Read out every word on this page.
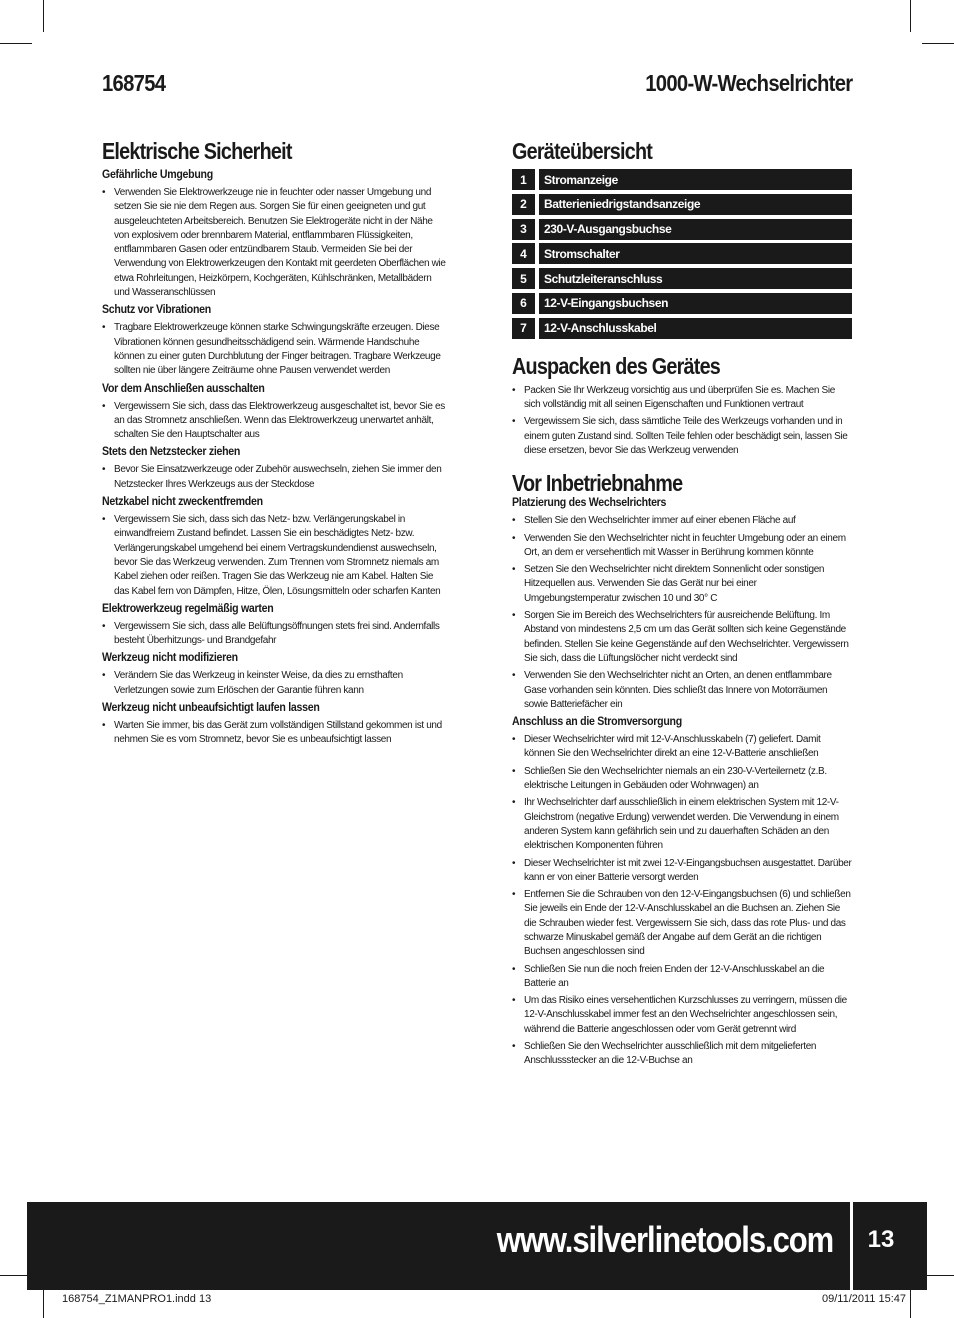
168754	1000-W-Wechselrichter
Elektrische Sicherheit
Gefährliche Umgebung
• Verwenden Sie Elektrowerkzeuge nie in feuchter oder nasser Umgebung und setzen Sie sie nie dem Regen aus. Sorgen Sie für einen geeigneten und gut ausgeleuchteten Arbeitsbereich. Benutzen Sie Elektrogeräte nicht in der Nähe von explosivem oder brennbarem Material, entflammbaren Flüssigkeiten, entflammbaren Gasen oder entzündbarem Staub. Vermeiden Sie bei der Verwendung von Elektrowerkzeugen den Kontakt mit geerdeten Oberflächen wie etwa Rohrleitungen, Heizkörpern, Kochgeräten, Kühlschränken, Metallbädern und Wasseranschlüssen
Schutz vor Vibrationen
• Tragbare Elektrowerkzeuge können starke Schwingungskräfte erzeugen. Diese Vibrationen können gesundheitsschädigend sein. Wärmende Handschuhe können zu einer guten Durchblutung der Finger beitragen. Tragbare Werkzeuge sollten nie über längere Zeiträume ohne Pausen verwendet werden
Vor dem Anschließen ausschalten
• Vergewissern Sie sich, dass das Elektrowerkzeug ausgeschaltet ist, bevor Sie es an das Stromnetz anschließen. Wenn das Elektrowerkzeug unerwartet anhält, schalten Sie den Hauptschalter aus
Stets den Netzstecker ziehen
• Bevor Sie Einsatzwerkzeuge oder Zubehör auswechseln, ziehen Sie immer den Netzstecker Ihres Werkzeugs aus der Steckdose
Netzkabel nicht zweckentfremden
• Vergewissern Sie sich, dass sich das Netz- bzw. Verlängerungskabel in einwandfreiem Zustand befindet. Lassen Sie ein beschädigtes Netz- bzw. Verlängerungskabel umgehend bei einem Vertragskundendienst auswechseln, bevor Sie das Werkzeug verwenden. Zum Trennen vom Stromnetz niemals am Kabel ziehen oder reißen. Tragen Sie das Werkzeug nie am Kabel. Halten Sie das Kabel fern von Dämpfen, Hitze, Ölen, Lösungsmitteln oder scharfen Kanten
Elektrowerkzeug regelmäßig warten
• Vergewissern Sie sich, dass alle Belüftungsöffnungen stets frei sind. Andernfalls besteht Überhitzungs- und Brandgefahr
Werkzeug nicht modifizieren
• Verändern Sie das Werkzeug in keinster Weise, da dies zu ernsthaften Verletzungen sowie zum Erlöschen der Garantie führen kann
Werkzeug nicht unbeaufsichtigt laufen lassen
• Warten Sie immer, bis das Gerät zum vollständigen Stillstand gekommen ist und nehmen Sie es vom Stromnetz, bevor Sie es unbeaufsichtigt lassen
Geräteübersicht
1	Stromanzeige
2	Batterieniedrigstandsanzeige
3	230-V-Ausgangsbuchse
4	Stromschalter
5	Schutzleiteranschluss
6	12-V-Eingangsbuchsen
7	12-V-Anschlusskabel
Auspacken des Gerätes
• Packen Sie Ihr Werkzeug vorsichtig aus und überprüfen Sie es. Machen Sie sich vollständig mit all seinen Eigenschaften und Funktionen vertraut
• Vergewissern Sie sich, dass sämtliche Teile des Werkzeugs vorhanden und in einem guten Zustand sind. Sollten Teile fehlen oder beschädigt sein, lassen Sie diese ersetzen, bevor Sie das Werkzeug verwenden
Vor Inbetriebnahme
Platzierung des Wechselrichters
• Stellen Sie den Wechselrichter immer auf einer ebenen Fläche auf
• Verwenden Sie den Wechselrichter nicht in feuchter Umgebung oder an einem Ort, an dem er versehentlich mit Wasser in Berührung kommen könnte
• Setzen Sie den Wechselrichter nicht direktem Sonnenlicht oder sonstigen Hitzequellen aus. Verwenden Sie das Gerät nur bei einer Umgebungstemperatur zwischen 10 und 30° C
• Sorgen Sie im Bereich des Wechselrichters für ausreichende Belüftung. Im Abstand von mindestens 2,5 cm um das Gerät sollten sich keine Gegenstände befinden. Stellen Sie keine Gegenstände auf den Wechselrichter. Vergewissern Sie sich, dass die Lüftungslöcher nicht verdeckt sind
• Verwenden Sie den Wechselrichter nicht an Orten, an denen entflammbare Gase vorhanden sein könnten. Dies schließt das Innere von Motorräumen sowie Batteriefächer ein
Anschluss an die Stromversorgung
• Dieser Wechselrichter wird mit 12-V-Anschlusskabeln (7) geliefert. Damit können Sie den Wechselrichter direkt an eine 12-V-Batterie anschließen
• Schließen Sie den Wechselrichter niemals an ein 230-V-Verteilernetz (z.B. elektrische Leitungen in Gebäuden oder Wohnwagen) an
• Ihr Wechselrichter darf ausschließlich in einem elektrischen System mit 12-V-Gleichstrom (negative Erdung) verwendet werden. Die Verwendung in einem anderen System kann gefährlich sein und zu dauerhaften Schäden an den elektrischen Komponenten führen
• Dieser Wechselrichter ist mit zwei 12-V-Eingangsbuchsen ausgestattet. Darüber kann er von einer Batterie versorgt werden
• Entfernen Sie die Schrauben von den 12-V-Eingangsbuchsen (6) und schließen Sie jeweils ein Ende der 12-V-Anschlusskabel an die Buchsen an. Ziehen Sie die Schrauben wieder fest. Vergewissern Sie sich, dass das rote Plus- und das schwarze Minuskabel gemäß der Angabe auf dem Gerät an die richtigen Buchsen angeschlossen sind
• Schließen Sie nun die noch freien Enden der 12-V-Anschlusskabel an die Batterie an
• Um das Risiko eines versehentlichen Kurzschlusses zu verringern, müssen die 12-V-Anschlusskabel immer fest an den Wechselrichter angeschlossen sein, während die Batterie angeschlossen oder vom Gerät getrennt wird
• Schließen Sie den Wechselrichter ausschließlich mit dem mitgelieferten Anschlussstecker an die 12-V-Buchse an
www.silverlinetools.com	13
168754_Z1MANPRO1.indd 13	09/11/2011 15:47
